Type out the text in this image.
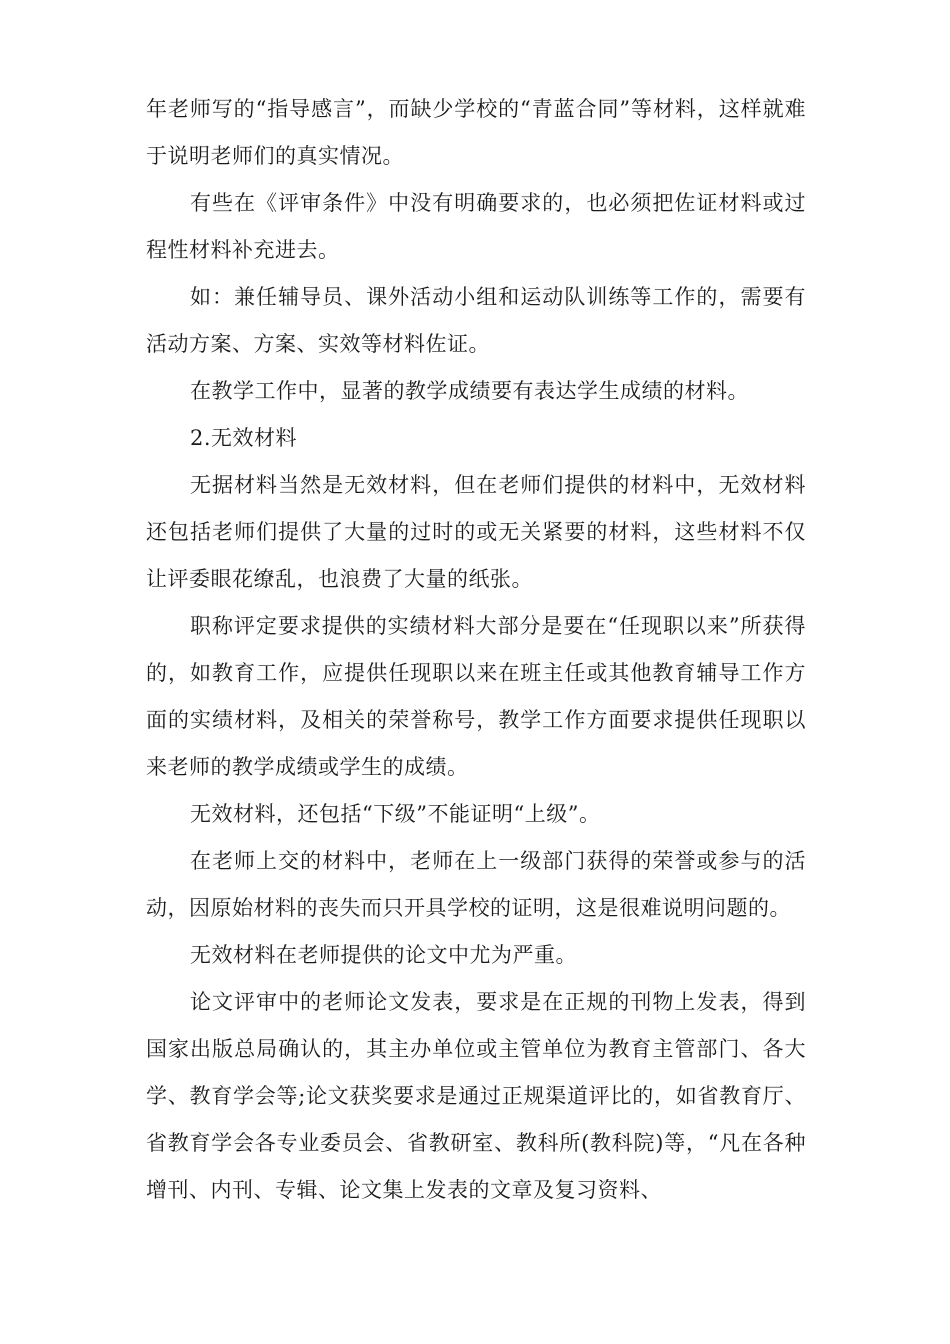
年老师写的“指导感言”，而缺少学校的“青蓝合同”等材料，这样就难于说明老师们的真实情况。

有些在《评审条件》中没有明确要求的，也必须把佐证材料或过程性材料补充进去。

如：兼任辅导员、课外活动小组和运动队训练等工作的，需要有活动方案、方案、实效等材料佐证。

在教学工作中，显著的教学成绩要有表达学生成绩的材料。

2.无效材料

无据材料当然是无效材料，但在老师们提供的材料中，无效材料还包括老师们提供了大量的过时的或无关紧要的材料，这些材料不仅让评委眼花缭乱，也浪费了大量的纸张。

职称评定要求提供的实绩材料大部分是要在“任现职以来”所获得的，如教育工作，应提供任现职以来在班主任或其他教育辅导工作方面的实绩材料，及相关的荣誉称号，教学工作方面要求提供任现职以来老师的教学成绩或学生的成绩。

无效材料，还包括“下级”不能证明“上级”。

在老师上交的材料中，老师在上一级部门获得的荣誉或参与的活动，因原始材料的丧失而只开具学校的证明，这是很难说明问题的。

无效材料在老师提供的论文中尤为严重。

论文评审中的老师论文发表，要求是在正规的刊物上发表，得到国家出版总局确认的，其主办单位或主管单位为教育主管部门、各大学、教育学会等;论文获奖要求是通过正规渠道评比的，如省教育厅、省教育学会各专业委员会、省教研室、教科所(教科院)等，“凡在各种增刊、内刊、专辑、论文集上发表的文章及复习资料、
